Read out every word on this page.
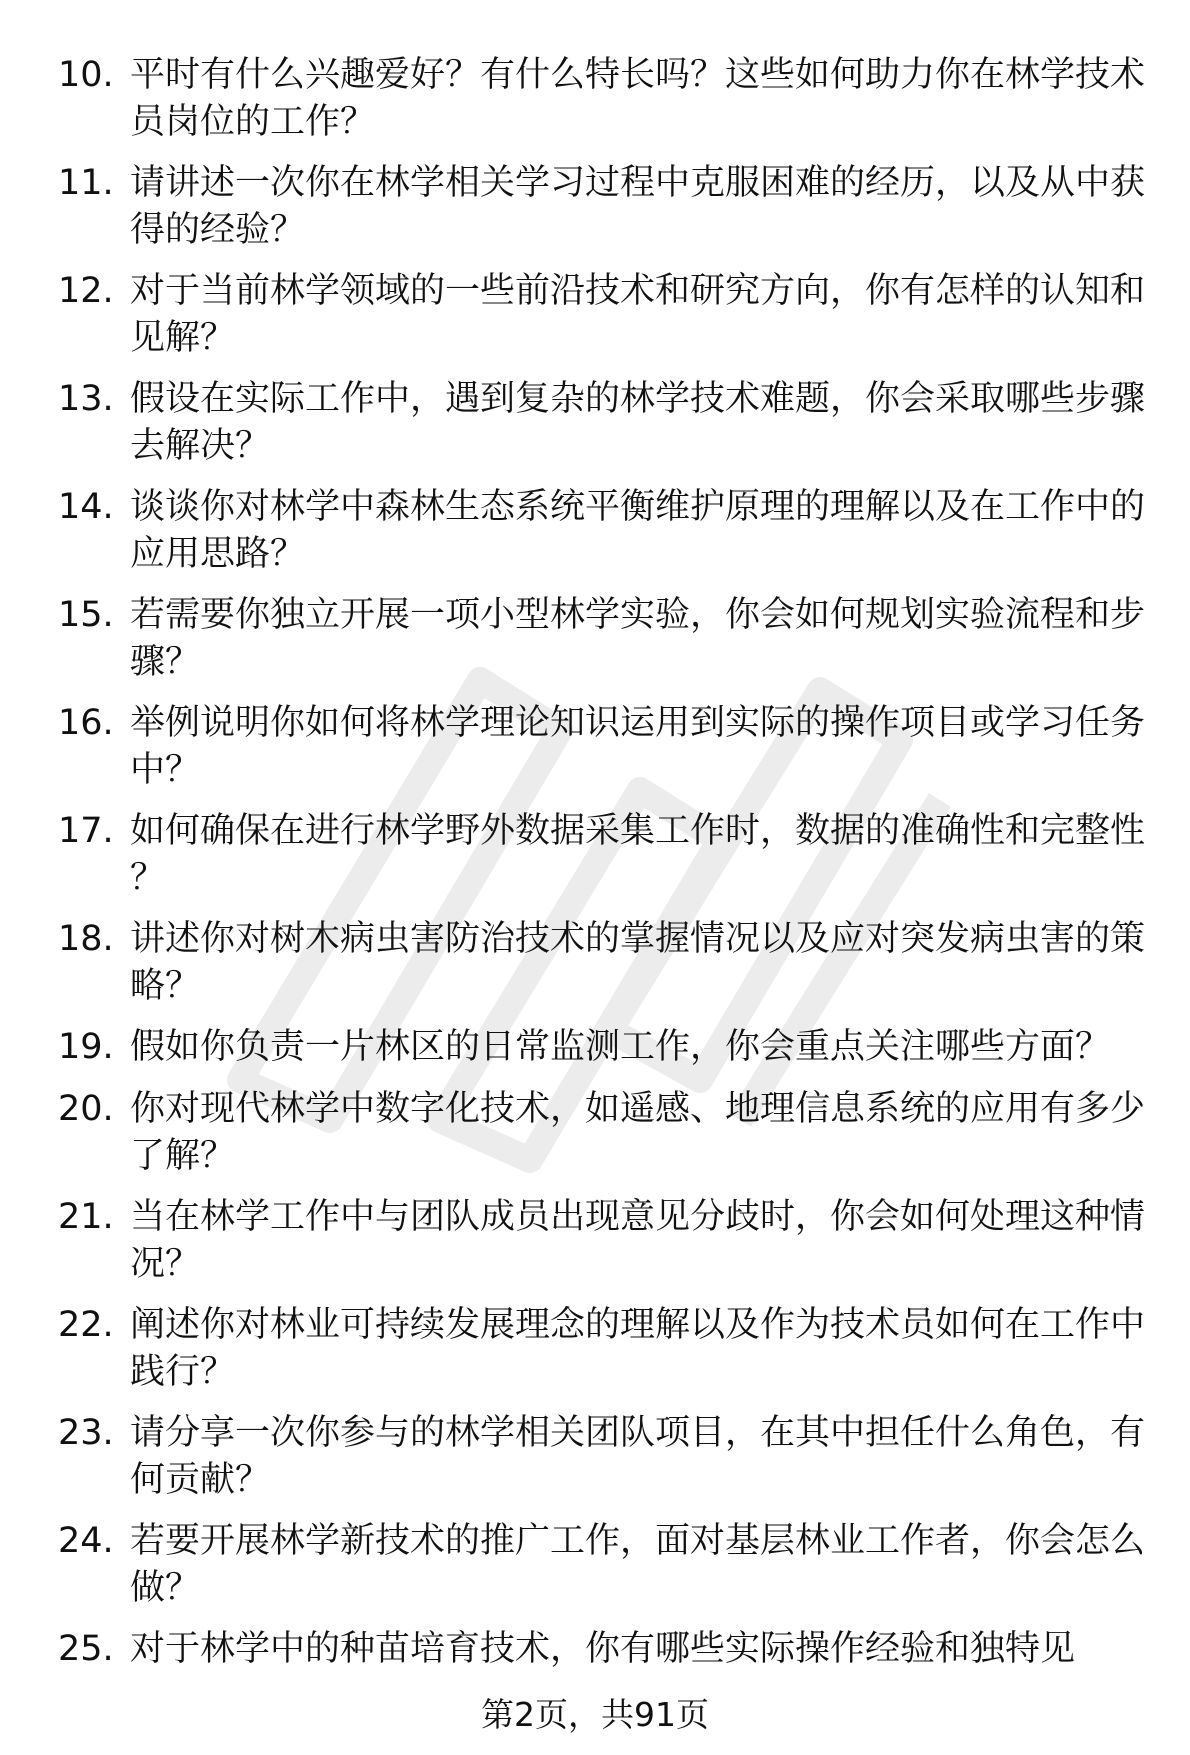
10. 平时有什么兴趣爱好？有什么特长吗？这些如何助力你在林学技术员岗位的工作？
11. 请讲述一次你在林学相关学习过程中克服困难的经历，以及从中获得的经验？
12. 对于当前林学领域的一些前沿技术和研究方向，你有怎样的认知和见解？
13. 假设在实际工作中，遇到复杂的林学技术难题，你会采取哪些步骤去解决？
14. 谈谈你对林学中森林生态系统平衡维护原理的理解以及在工作中的应用思路？
15. 若需要你独立开展一项小型林学实验，你会如何规划实验流程和步骤？
16. 举例说明你如何将林学理论知识运用到实际的操作项目或学习任务中？
17. 如何确保在进行林学野外数据采集工作时，数据的准确性和完整性？
18. 讲述你对树木病虫害防治技术的掌握情况以及应对突发病虫害的策略？
19. 假如你负责一片林区的日常监测工作，你会重点关注哪些方面？
20. 你对现代林学中数字化技术，如遥感、地理信息系统的应用有多少了解？
21. 当在林学工作中与团队成员出现意见分歧时，你会如何处理这种情况？
22. 阐述你对林业可持续发展理念的理解以及作为技术员如何在工作中践行？
23. 请分享一次你参与的林学相关团队项目，在其中担任什么角色，有何贡献？
24. 若要开展林学新技术的推广工作，面对基层林业工作者，你会怎么做？
25. 对于林学中的种苗培育技术，你有哪些实际操作经验和独特见
第2页，共91页
